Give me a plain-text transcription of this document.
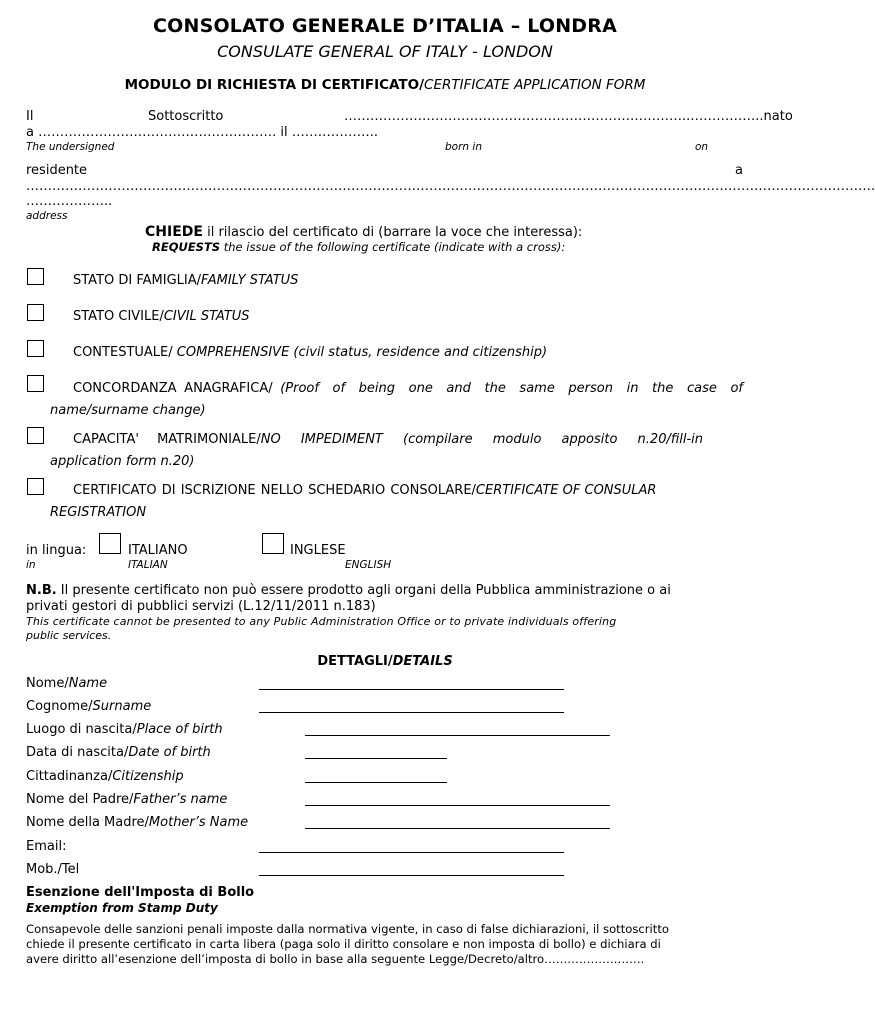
CONSOLATO GENERALE D’ITALIA – LONDRA
CONSULATE GENERAL OF ITALY - LONDON
MODULO DI RICHIESTA DI CERTIFICATO/CERTIFICATE APPLICATION FORM
Il	Sottoscritto	……………………………………………………………………..……………..nato
a ………………………………………………. il ………………..
The undersigned	born in	on
residente	a
…………………………………………………………………………………………………………………………………………………………………………….
………………..
address
CHIEDE il rilascio del certificato di (barrare la voce che interessa):
REQUESTS the issue of the following certificate (indicate with a cross):
STATO DI FAMIGLIA/FAMILY STATUS
STATO CIVILE/CIVIL STATUS
CONTESTUALE/ COMPREHENSIVE (civil status, residence and citizenship)
CONCORDANZA ANAGRAFICA/ (Proof of being one and the same person in the case of
name/surname change)
CAPACITA' MATRIMONIALE/NO IMPEDIMENT (compilare modulo apposito n.20/fill-in
application form n.20)
CERTIFICATO DI ISCRIZIONE NELLO SCHEDARIO CONSOLARE/CERTIFICATE OF CONSULAR
REGISTRATION
in lingua:	ITALIANO	INGLESE
in	ITALIAN	ENGLISH
N.B. Il presente certificato non può essere prodotto agli organi della Pubblica amministrazione o ai
privati gestori di pubblici servizi (L.12/11/2011 n.183)
This certificate cannot be presented to any Public Administration Office or to private individuals offering
public services.
DETTAGLI/DETAILS
Nome/Name
Cognome/Surname
Luogo di nascita/Place of birth
Data di nascita/Date of birth
Cittadinanza/Citizenship
Nome del Padre/Father’s name
Nome della Madre/Mother’s Name
Email:
Mob./Tel
Esenzione dell'Imposta di Bollo
Exemption from Stamp Duty
Consapevole delle sanzioni penali imposte dalla normativa vigente, in caso di false dichiarazioni, il sottoscritto
chiede il presente certificato in carta libera (paga solo il diritto consolare e non imposta di bollo) e dichiara di
avere diritto all’esenzione dell’imposta di bollo in base alla seguente Legge/Decreto/altro……………………..
